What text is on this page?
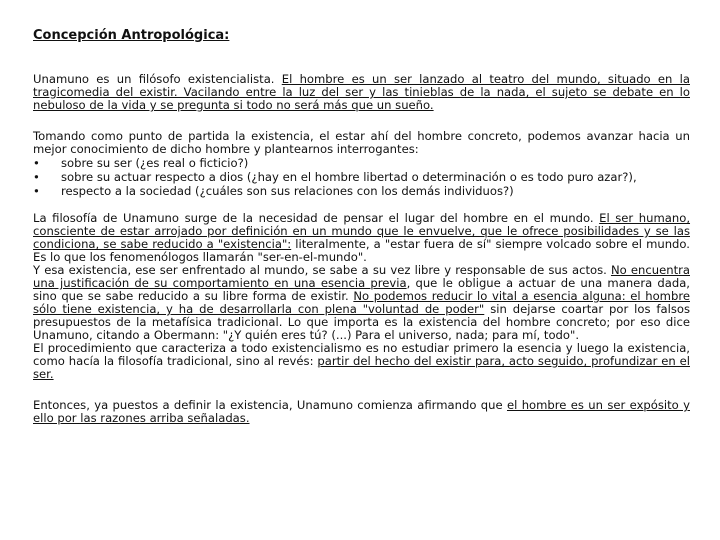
Concepción Antropológica:

Unamuno es un filósofo existencialista. El hombre es un ser lanzado al teatro del mundo, situado en la tragicomedia del existir. Vacilando entre la luz del ser y las tinieblas de la nada, el sujeto se debate en lo nebuloso de la vida y se pregunta si todo no será más que un sueño.

Tomando como punto de partida la existencia, el estar ahí del hombre concreto, podemos avanzar hacia un mejor conocimiento de dicho hombre y plantearnos interrogantes:

• sobre su ser (¿es real o ficticio?)
• sobre su actuar respecto a dios (¿hay en el hombre libertad o determinación o es todo puro azar?),
• respecto a la sociedad (¿cuáles son sus relaciones con los demás individuos?)

La filosofía de Unamuno surge de la necesidad de pensar el lugar del hombre en el mundo. El ser humano, consciente de estar arrojado por definición en un mundo que le envuelve, que le ofrece posibilidades y se las condiciona, se sabe reducido a "existencia": literalmente, a "estar fuera de sí" siempre volcado sobre el mundo. Es lo que los fenomenólogos llamarán "ser-en-el-mundo".

Y esa existencia, ese ser enfrentado al mundo, se sabe a su vez libre y responsable de sus actos. No encuentra una justificación de su comportamiento en una esencia previa, que le obligue a actuar de una manera dada, sino que se sabe reducido a su libre forma de existir. No podemos reducir lo vital a esencia alguna: el hombre sólo tiene existencia, y ha de desarrollarla con plena "voluntad de poder" sin dejarse coartar por los falsos presupuestos de la metafísica tradicional. Lo que importa es la existencia del hombre concreto; por eso dice Unamuno, citando a Obermann: "¿Y quién eres tú? (...) Para el universo, nada; para mí, todo".

El procedimiento que caracteriza a todo existencialismo es no estudiar primero la esencia y luego la existencia, como hacía la filosofía tradicional, sino al revés: partir del hecho del existir para, acto seguido, profundizar en el ser.

Entonces, ya puestos a definir la existencia, Unamuno comienza afirmando que el hombre es un ser expósito y ello por las razones arriba señaladas.
